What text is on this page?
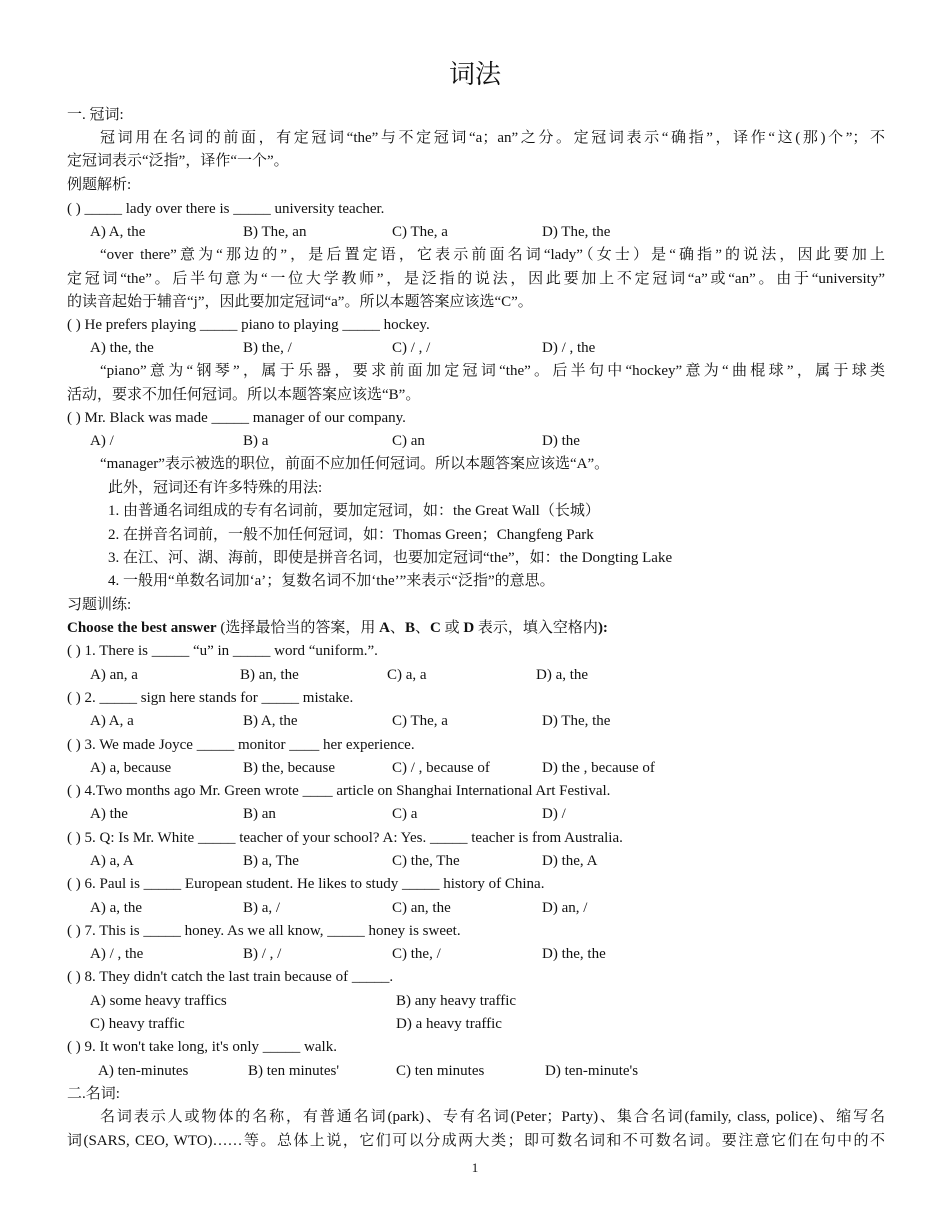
词法
一. 冠词:
冠词用在名词的前面，有定冠词“the”与不定冠词“a；an”之分。定冠词表示“确指”，译作“这(那)个”；不
定冠词表示“泛指”，译作“一个”。
例题解析:
( ) _____ lady over there is _____ university teacher.
A) A, the	B) The, an	C) The, a	D) The, the
“over there”意为“那边的”，是后置定语，它表示前面名词“lady”（女士）是“确指”的说法，因此要加上
定冠词“the”。后半句意为“一位大学教师”，是泛指的说法，因此要加上不定冠词“a”或“an”。由于“university”
的读音起始于辅音“j”，因此要加定冠词“a”。所以本题答案应该选“C”。
( ) He prefers playing _____ piano to playing _____ hockey.
A) the, the	B) the, /	C) / , /	D) / , the
“piano”意为“钢琴”，属于乐器，要求前面加定冠词“the”。后半句中“hockey”意为“曲棍球”，属于球类
活动，要求不加任何冠词。所以本题答案应该选“B”。
( ) Mr. Black was made _____ manager of our company.
A) /	B) a	C) an	D) the
“manager”表示被选的职位，前面不应加任何冠词。所以本题答案应该选“A”。
此外，冠词还有许多特殊的用法:
1. 由普通名词组成的专有名词前，要加定冠词，如：the Great Wall（长城）
2. 在拼音名词前，一般不加任何冠词，如：Thomas Green；Changfeng Park
3. 在江、河、湖、海前，即使是拼音名词，也要加定冠词“the”，如：the Dongting Lake
4. 一般用“单数名词加‘a’；复数名词不加‘the’”来表示“泛指”的意思。
习题训练:
Choose the best answer (选择最恰当的答案，用 A、B、C 或 D 表示，填入空格内):
( ) 1. There is _____ “u” in _____ word “uniform.”.
A) an, a	B) an, the	C) a, a	D) a, the
( ) 2. _____ sign here stands for _____ mistake.
A) A, a	B) A, the	C) The, a	D) The, the
( ) 3. We made Joyce _____ monitor ____ her experience.
A) a, because	B) the, because	C) / , because of	D) the , because of
( ) 4.Two months ago Mr. Green wrote ____ article on Shanghai International Art Festival.
A) the	B) an	C) a	D) /
( ) 5. Q: Is Mr. White _____ teacher of your school? A: Yes. _____ teacher is from Australia.
A) a, A	B) a, The	C) the, The	D) the, A
( ) 6. Paul is _____ European student. He likes to study _____ history of China.
A) a, the	B) a, /	C) an, the	D) an, /
( ) 7. This is _____ honey. As we all know, _____ honey is sweet.
A) / , the	B) / , /	C) the, /	D) the, the
( ) 8. They didn't catch the last train because of _____.
A) some heavy traffics	B) any heavy traffic
C) heavy traffic	D) a heavy traffic
( ) 9. It won't take long, it's only _____ walk.
A) ten-minutes	B) ten minutes'	C) ten minutes	D) ten-minute's
二.名词:
名词表示人或物体的名称，有普通名词(park)、专有名词(Peter；Party)、集合名词(family, class, police)、缩写名
词(SARS, CEO, WTO)……等。总体上说，它们可以分成两大类；即可数名词和不可数名词。要注意它们在句中的不
1
